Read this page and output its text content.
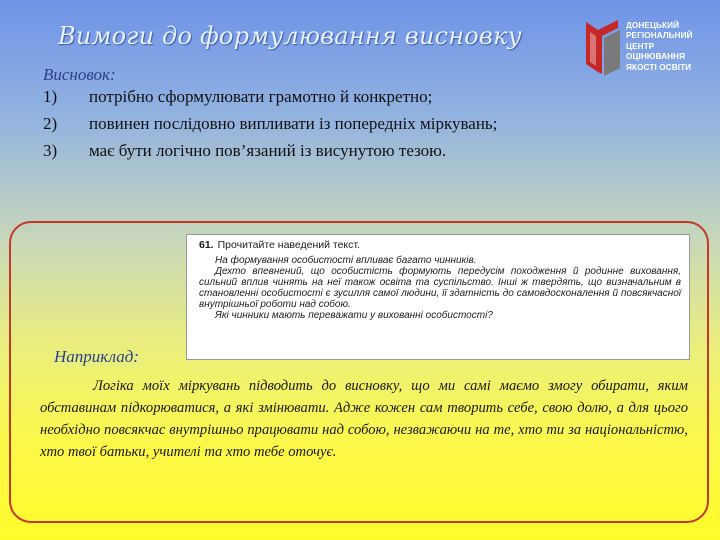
Вимоги до формулювання висновку	ДОНЕЦЬКИЙ
РЕГІОНАЛЬНИЙ
ЦЕНТР ОЦІНЮВАННЯ
ЯКОСТІ ОСВІТИ
Висновок:
1) потрібно сформулювати грамотно й конкретно;
2) повинен послідовно випливати із попередніх міркувань;
3) має бути логічно пов’язаний із висунутою тезою.
61. Прочитайте наведений текст.

На формування особистості впливає багато чинників.

Дехто впевнений, що особистість формують передусім походження й родинне виховання, сильний вплив чинять на неї також освіта та суспільство. Інші ж твердять, що визначальним в становленні особистості є зусилля самої людини, її здатність до самовдосконалення й повсякчасної внутрішньої роботи над собою.

Які чинники мають переважати у вихованні особистості?

Наприклад:

Логіка моїх міркувань підводить до висновку, що ми самі маємо змогу обирати, яким обставинам підкорюватися, а які змінювати. Адже кожен сам творить себе, свою долю, а для цього необхідно повсякчас внутрішньо працювати над собою, незважаючи на те, хто ти за національністю, хто твої батьки, учителі та хто тебе оточує.
